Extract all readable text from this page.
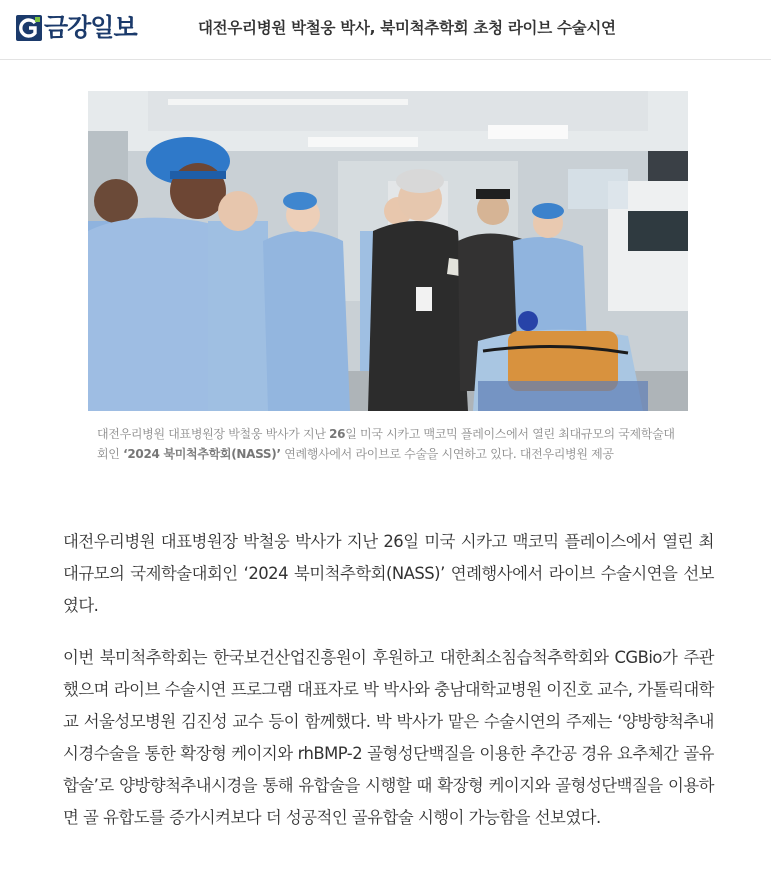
금강일보	대전우리병원 박철웅 박사, 북미척추학회 초청 라이브 수술시연
대전우리병원 대표병원장 박철웅 박사가 지난 26일 미국 시카고 맥코믹 플레이스에서 열린 최대규모의 국제학술대회인 ‘2024 북미척추학회(NASS)’ 연례행사에서 라이브로 수술을 시연하고 있다. 대전우리병원 제공

대전우리병원 대표병원장 박철웅 박사가 지난 26일 미국 시카고 맥코믹 플레이스에서 열린 최대규모의 국제학술대회인 ‘2024 북미척추학회(NASS)’ 연례행사에서 라이브 수술시연을 선보였다.

이번 북미척추학회는 한국보건산업진흥원이 후원하고 대한최소침습척추학회와 CGBio가 주관했으며 라이브 수술시연 프로그램 대표자로 박 박사와 충남대학교병원 이진호 교수, 가톨릭대학교 서울성모병원 김진성 교수 등이 함께했다. 박 박사가 맡은 수술시연의 주제는 ‘양방향척추내시경수술을 통한 확장형 케이지와 rhBMP-2 골형성단백질을 이용한 추간공 경유 요추체간 골유합술’로 양방향척추내시경을 통해 유합술을 시행할 때 확장형 케이지와 골형성단백질을 이용하면 골 유합도를 증가시켜보다 더 성공적인 골유합술 시행이 가능함을 선보였다.
